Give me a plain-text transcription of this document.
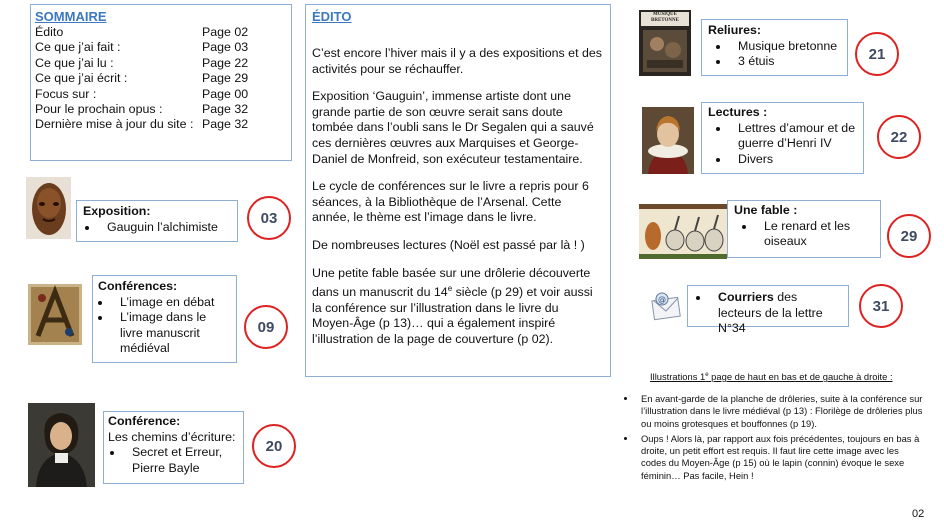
SOMMAIRE
Édito	Page 02
Ce que j’ai fait :	Page 03
Ce que j’ai lu :	Page 22
Ce que j’ai écrit :	Page 29
Focus sur :	Page 00
Pour le prochain opus :	Page 32
Dernière mise à jour du site : Page 32
ÉDITO

C’est encore l’hiver mais il y a des expositions et des activités pour se réchauffer.

Exposition ‘Gauguin’, immense artiste dont une grande partie de son œuvre serait sans doute tombée dans l’oubli sans le Dr Segalen qui a sauvé ces dernières œuvres aux Marquises et George-Daniel de Monfreid, son exécuteur testamentaire.

Le cycle de conférences sur le livre a repris pour 6 séances, à la Bibliothèque de l’Arsenal. Cette année, le thème est l’image dans le livre.

De nombreuses lectures (Noël est passé par là ! )

Une petite fable basée sur une drôlerie découverte dans un manuscrit du 14e siècle (p 29) et voir aussi la conférence sur l’illustration dans le livre du Moyen-Âge (p 13)… qui a également inspiré l’illustration de la page de couverture (p 02).

Exposition:
• Gauguin l’alchimiste	03
Conférences:
• L’image en débat
• L’image dans le livre manuscrit médiéval
09
Conférence:
Les chemins d’écriture:
• Secret et Erreur, Pierre Bayle
20
MUSIQUE BRETONNE
Reliures:
• Musique bretonne
• 3 étuis	21
Lectures :
• Lettres d’amour et de guerre d’Henri IV
• Divers
22
Une fable :
• Le renard et les oiseaux	29
@	• Courriers des lecteurs de la lettre N°34
31
Illustrations 1e page de haut en bas et de gauche à droite :
• En avant-garde de la planche de drôleries, suite à la conférence sur l’illustration dans le livre médiéval (p 13) : Florilège de drôleries plus ou moins grotesques et bouffonnes (p 19).
• Oups ! Alors là, par rapport aux fois précédentes, toujours en bas à droite, un petit effort est requis. Il faut lire cette image avec les codes du Moyen-Âge (p 15) où le lapin (connin) évoque le sexe féminin… Pas facile, Hein !
02
